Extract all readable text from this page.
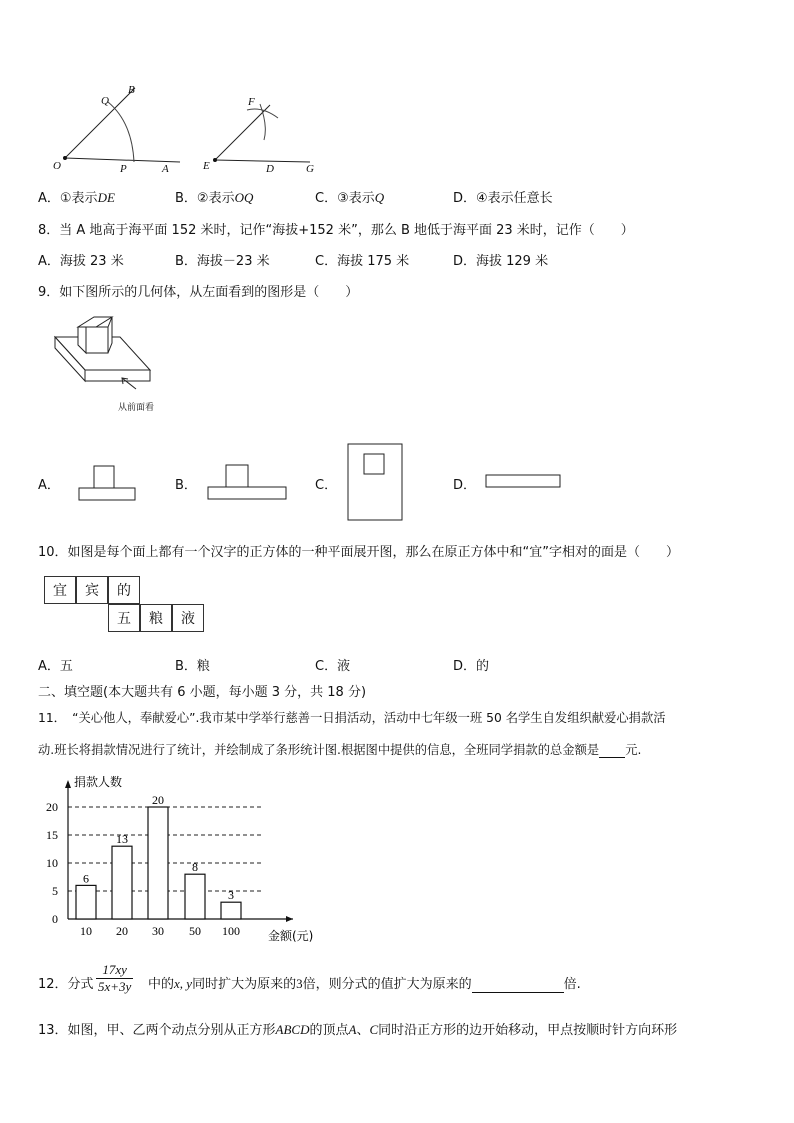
O	P	A
Q
B
E	D	G
F
A．①表示DE	B．②表示OQ	C．③表示Q	D．④表示任意长
8．当 A 地高于海平面 152 米时，记作“海拔+152 米”，那么 B 地低于海平面 23 米时，记作（　　）
A．海拔 23 米	B．海拔－23 米	C．海拔 175 米	D．海拔 129 米
9．如下图所示的几何体，从左面看到的图形是（　　）
从前面看
A．	B．	C．	D．
10．如图是每个面上都有一个汉字的正方体的一种平面展开图，那么在原正方体中和“宜”字相对的面是（　　）
宜	宾	的
五	粮	液
A．五	B．粮	C．液	D．的
二、填空题(本大题共有 6 小题，每小题 3 分，共 18 分)
11．　“关心他人，奉献爱心”.我市某中学举行慈善一日捐活动，活动中七年级一班 50 名学生自发组织献爱心捐款活
动.班长将捐款情况进行了统计，并绘制成了条形统计图.根据图中提供的信息，全班同学捐款的总金额是 元.
0
5
10
15
20
捐款人数
金额(元)
6
10
13
20
20
30
8
50
3
100
12．分式 $\frac{17xy}{5x+3y}$ 中的x, y同时扩大为原来的3倍，则分式的值扩大为原来的	倍.
13．如图，甲、乙两个动点分别从正方形ABCD的顶点A、C同时沿正方形的边开始移动，甲点按顺时针方向环形
